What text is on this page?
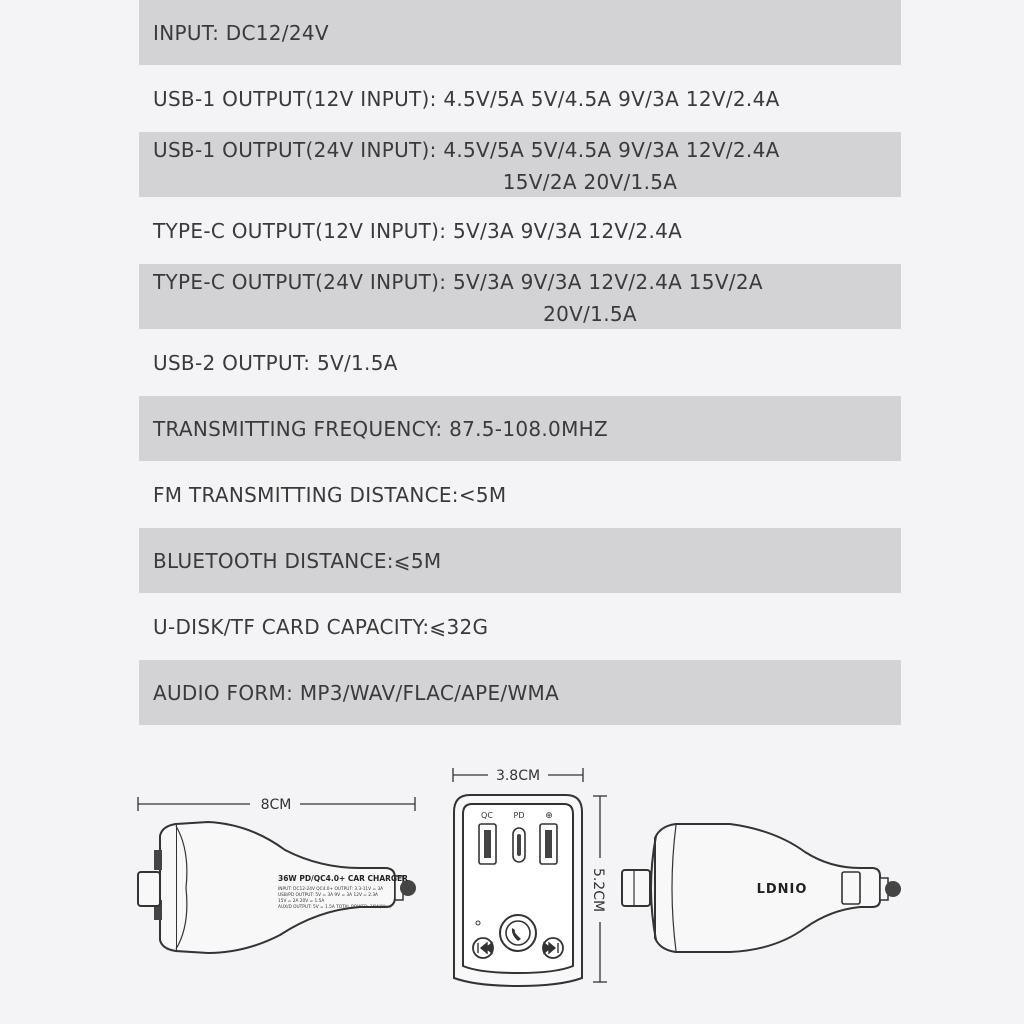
INPUT: DC12/24V
USB-1 OUTPUT(12V INPUT): 4.5V/5A 5V/4.5A 9V/3A 12V/2.4A
USB-1 OUTPUT(24V INPUT): 4.5V/5A 5V/4.5A 9V/3A 12V/2.4A
15V/2A 20V/1.5A
TYPE-C OUTPUT(12V INPUT): 5V/3A 9V/3A 12V/2.4A
TYPE-C OUTPUT(24V INPUT): 5V/3A 9V/3A 12V/2.4A 15V/2A
20V/1.5A
USB-2 OUTPUT: 5V/1.5A
TRANSMITTING FREQUENCY: 87.5-108.0MHZ
FM TRANSMITTING DISTANCE:<5M
BLUETOOTH DISTANCE:⩽5M
U-DISK/TF CARD CAPACITY:⩽32G
AUDIO FORM: MP3/WAV/FLAC/APE/WMA
8CM
36W PD/QC4.0+ CAR CHARGER
INPUT: DC12-24V QC4.0+ OUTPUT: 3.3-11V = 3A
USB/PD OUTPUT: 5V = 3A 9V = 3A 12V = 2.3A
15V = 2A 20V = 1.5A
AUX/D OUTPUT: 5V = 1.5A TOTAL POWER: 36W(Max)
3.8CM
5.2CM
QC	PD ⊕
LDNIO
